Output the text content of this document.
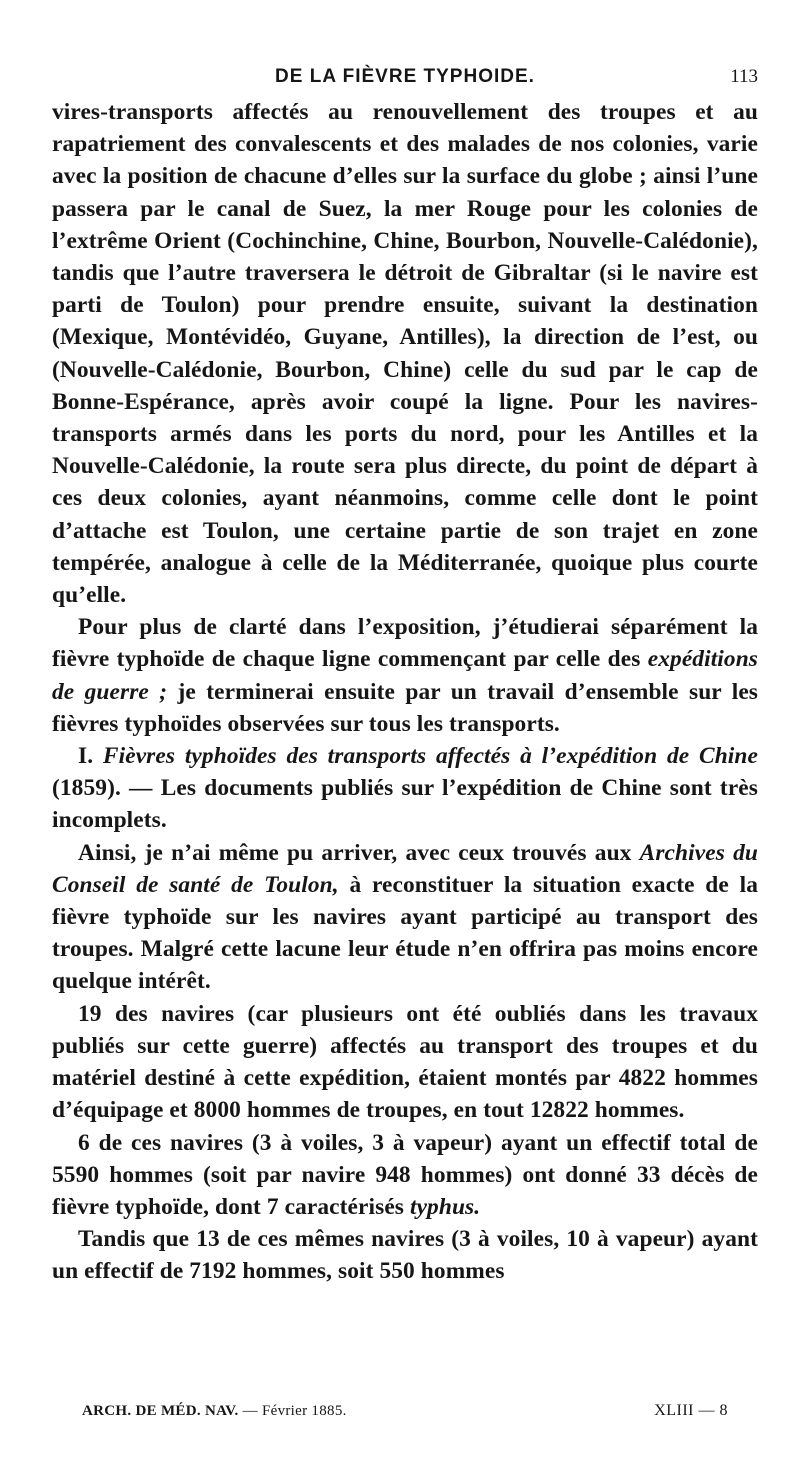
DE LA FIÈVRE TYPHOIDE.	113

vires-transports affectés au renouvellement des troupes et au rapatriement des convalescents et des malades de nos colonies, varie avec la position de chacune d’elles sur la surface du globe ; ainsi l’une passera par le canal de Suez, la mer Rouge pour les colonies de l’extrême Orient (Cochinchine, Chine, Bourbon, Nouvelle-Calédonie), tandis que l’autre traversera le détroit de Gibraltar (si le navire est parti de Toulon) pour prendre ensuite, suivant la destination (Mexique, Montévidéo, Guyane, Antilles), la direction de l’est, ou (Nouvelle-Calédonie, Bourbon, Chine) celle du sud par le cap de Bonne-Espérance, après avoir coupé la ligne. Pour les navires-transports armés dans les ports du nord, pour les Antilles et la Nouvelle-Calédonie, la route sera plus directe, du point de départ à ces deux colonies, ayant néanmoins, comme celle dont le point d’attache est Toulon, une certaine partie de son trajet en zone tempérée, analogue à celle de la Méditerranée, quoique plus courte qu’elle.

Pour plus de clarté dans l’exposition, j’étudierai séparément la fièvre typhoïde de chaque ligne commençant par celle des expéditions de guerre ; je terminerai ensuite par un travail d’ensemble sur les fièvres typhoïdes observées sur tous les transports.

I. Fièvres typhoïdes des transports affectés à l’expédition de Chine (1859). — Les documents publiés sur l’expédition de Chine sont très incomplets.

Ainsi, je n’ai même pu arriver, avec ceux trouvés aux Archives du Conseil de santé de Toulon, à reconstituer la situation exacte de la fièvre typhoïde sur les navires ayant participé au transport des troupes. Malgré cette lacune leur étude n’en offrira pas moins encore quelque intérêt.

19 des navires (car plusieurs ont été oubliés dans les travaux publiés sur cette guerre) affectés au transport des troupes et du matériel destiné à cette expédition, étaient montés par 4822 hommes d’équipage et 8000 hommes de troupes, en tout 12822 hommes.

6 de ces navires (3 à voiles, 3 à vapeur) ayant un effectif total de 5590 hommes (soit par navire 948 hommes) ont donné 33 décès de fièvre typhoïde, dont 7 caractérisés typhus.

Tandis que 13 de ces mêmes navires (3 à voiles, 10 à vapeur) ayant un effectif de 7192 hommes, soit 550 hommes

ARCH. DE MÉD. NAV. — Février 1885.	XLIII — 8
